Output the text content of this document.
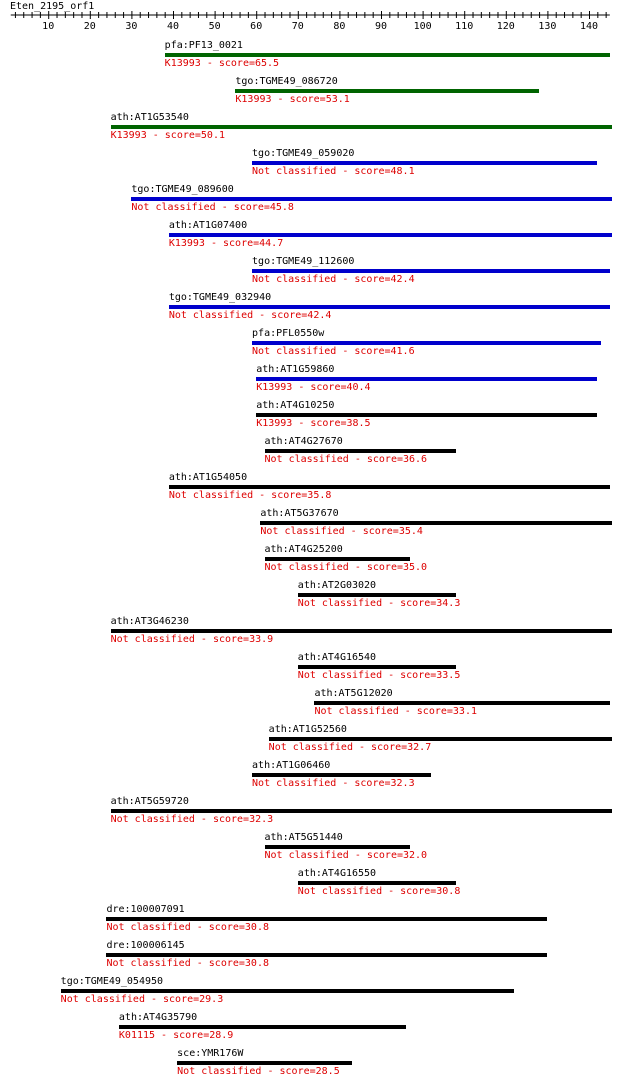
Eten_2195_orf1
10	20	30	40	50	60	70	80	90	100 110 120 130 140
pfa:PF13_0021
K13993 - score=65.5
tgo:TGME49_086720
K13993 - score=53.1
ath:AT1G53540
K13993 - score=50.1
tgo:TGME49_059020
Not classified - score=48.1
tgo:TGME49_089600
Not classified - score=45.8
ath:AT1G07400
K13993 - score=44.7
tgo:TGME49_112600
Not classified - score=42.4
tgo:TGME49_032940
Not classified - score=42.4
pfa:PFL0550w
Not classified - score=41.6
ath:AT1G59860
K13993 - score=40.4
ath:AT4G10250
K13993 - score=38.5
ath:AT4G27670
Not classified - score=36.6
ath:AT1G54050
Not classified - score=35.8
ath:AT5G37670
Not classified - score=35.4
ath:AT4G25200
Not classified - score=35.0
ath:AT2G03020
Not classified - score=34.3
ath:AT3G46230
Not classified - score=33.9
ath:AT4G16540
Not classified - score=33.5
ath:AT5G12020
Not classified - score=33.1
ath:AT1G52560
Not classified - score=32.7
ath:AT1G06460
Not classified - score=32.3
ath:AT5G59720
Not classified - score=32.3
ath:AT5G51440
Not classified - score=32.0
ath:AT4G16550
Not classified - score=30.8
dre:100007091
Not classified - score=30.8
dre:100006145
Not classified - score=30.8
tgo:TGME49_054950
Not classified - score=29.3
ath:AT4G35790
K01115 - score=28.9
sce:YMR176W
Not classified - score=28.5
